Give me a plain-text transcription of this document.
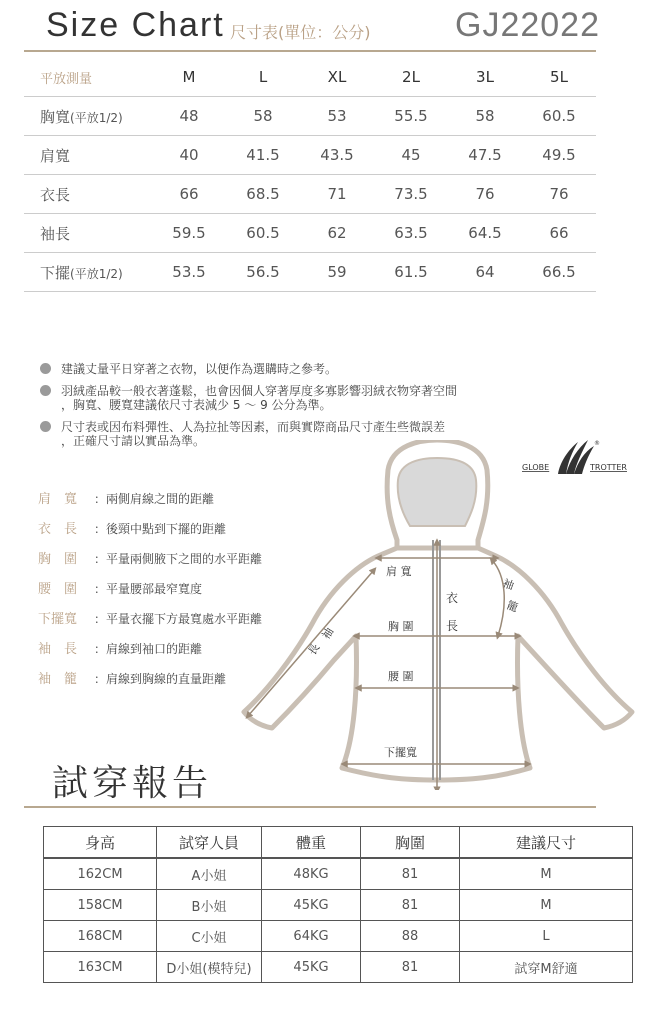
Size Chart 尺寸表(單位：公分) GJ22022
平放測量	M	L	XL	2L	3L	5L
胸寬(平放1/2)	48	58	53	55.5	58	60.5
肩寬	40	41.5	43.5	45	47.5	49.5
衣長	66	68.5	71	73.5	76	76
袖長	59.5	60.5	62	63.5	64.5	66
下擺(平放1/2)	53.5	56.5	59	61.5	64	66.5
建議丈量平日穿著之衣物，以便作為選購時之參考。
羽絨產品較一般衣著蓬鬆，也會因個人穿著厚度多寡影響羽絨衣物穿著空間
，胸寬、腰寬建議依尺寸表減少 5 ～ 9 公分為準。
尺寸表或因布料彈性、人為拉扯等因素，而與實際商品尺寸產生些微誤差
，正確尺寸請以實品為準。	®
GLOBE	TROTTER
肩　寬 ：兩側肩線之間的距離
衣　長 ：後頸中點到下擺的距離
胸　圍 ：平量兩側腋下之間的水平距離
腰　圍 ：平量腰部最窄寬度
下擺寬 ：平量衣擺下方最寬處水平距離
袖　長 ：肩線到袖口的距離
袖　籠 ：肩線到胸線的直量距離
肩 寬
衣
長
胸 圍
腰 圍
下擺寬
袖
長
袖
籠
試穿報告
身高	試穿人員	體重	胸圍	建議尺寸
162CM	A小姐	48KG	81	M
158CM	B小姐	45KG	81	M
168CM	C小姐	64KG	88	L
163CM	D小姐(模特兒)	45KG	81	試穿M舒適
